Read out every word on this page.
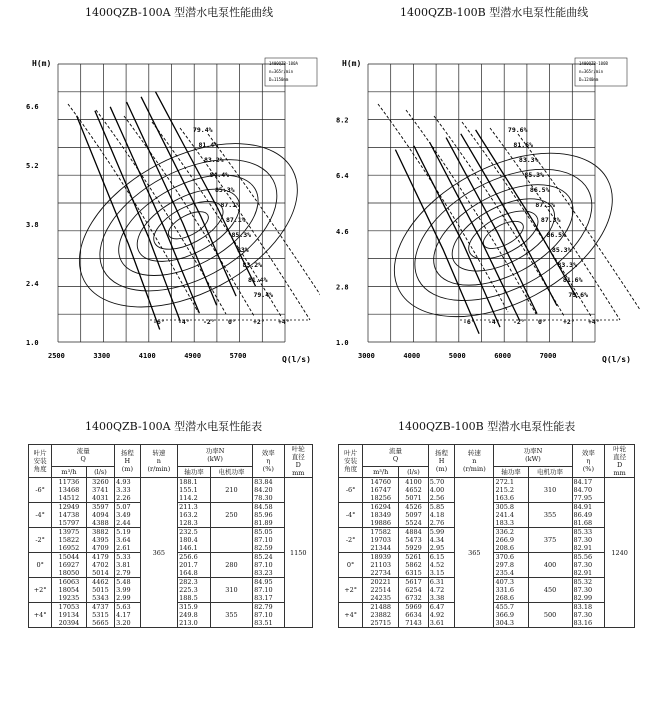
1400QZB-100A 型潜水电泵性能曲线	1400QZB-100B 型潜水电泵性能曲线
H(m)
Q(l/s)
1400QZB-100A
n=365r/min
D=1150mm
6.6
5.2
3.8
2.4
1.0
2500	3300	4100	4900	5700
79.4%
81.4%
83.2%
84.4%
85.3%
87.1%
87.1%
85.3%
83%
83.2%
81.4%
79.4%
-6° -4° -2° 0°	+2° +4°
H(m)
Q(l/s)
1400QZB-100B
n=365r/min
D=1240mm
8.2
6.4
4.6
2.8
1.0
3000	4000	5000	6000	7000
79.6%
81.6%
83.3%
85.3%
86.5%
87.3%
87.3%
86.5%
85.3%
83.3%
81.6%
79.6%
-6° -4° -2° 0°	+2° +4°
1400QZB-100A 型潜水电泵性能表	1400QZB-100B 型潜水电泵性能表
叶片
安装
角度	流量
Q		扬程
H
(m)	转速
n
(r/min)	功率N
(kW)		效率
η
(%)	叶轮
直径
D
mm

	m³/h	(l/s)			轴功率	电机功率		
-6°	11736
13468
14512	3260
3741
4031	4.93
3.33
2.26	365	188.1
155.1
114.2	210	83.84
84.20
78.30	1150
-4°	12949
14738
15797	3597
4094
4388	5.07
3.49
2.44		211.3
163.2
128.3	250	84.58
85.96
81.89	

-2°	13975
15822
16952	3882
4395
4709	5.19
3.64
2.61		232.5
180.4
146.1		85.05
87.10
82.59	

0°	15044
16927
18050	4179
4702
5014	5.33
3.81
2.79		256.6
201.7
164.8	280	85.24
87.10
83.23	

+2°	16063
18054
19235	4462
5015
5343	5.48
3.99
2.99		282.3
225.3
188.5	310	84.95
87.10
83.17	

+4°	17053
19134
20394	4737
5315
5665	5.63
4.17
3.20		315.9
249.8
213.0	355	82.79
87.10
83.51	
叶片
安装
角度	流量
Q		扬程
H
(m)	转速
n
(r/min)	功率N
(kW)		效率
η
(%)	叶轮
直径
D
mm

	m³/h	(l/s)			轴功率	电机功率		
-6°	14760
16747
18256	4100
4652
5071	5.70
4.00
2.56	365	272.1
215.2
163.6	310	84.17
84.70
77.95	1240
-4°	16294
18349
19886	4526
5097
5524	5.85
4.18
2.76		305.8
241.4
183.3	355	84.91
86.49
81.68	

-2°	17582
19703
21344	4884
5473
5929	5.99
4.34
2.95		336.2
266.9
208.6	375	85.33
87.30
82.91	

0°	18939
21103
22734	5261
5862
6315	6.15
4.52
3.15		370.6
297.8
235.4	400	85.56
87.30
82.91	

+2°	20221
22514
24235	5617
6254
6732	6.31
4.72
3.38		407.3
331.6
268.6	450	85.32
87.30
82.99	

+4°	21488
23882
25715	5969
6634
7143	6.47
4.92
3.61		455.7
366.9
304.3	500	83.18
87.30
83.16	
